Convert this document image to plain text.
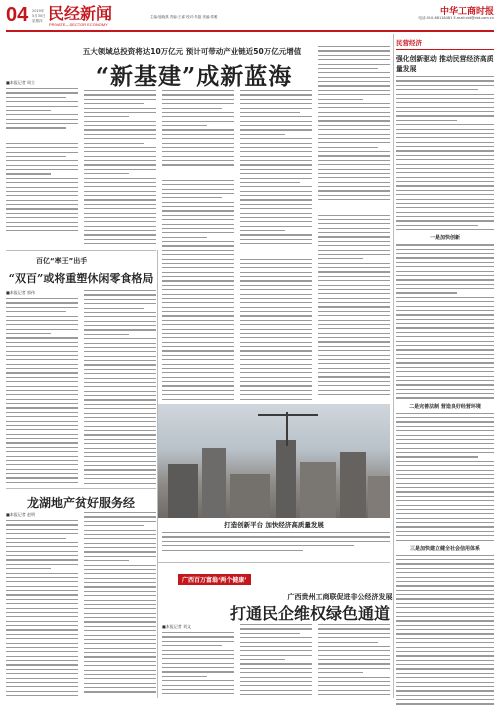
04 2019年5月30日 星期四 民经新闻
PRIVATE—SECTOR ECONOMY
主编:施晓燕 责编:王睿 校对:朱磊 美编:郑雅	中华工商时报
电话:010-68118481 E-mail:cbt@cbt.com.cn
五大领域总投资将达10万亿元 预计可带动产业链近50万亿元增值
“新基建”成新蓝海
■本报记者 周立
百亿“率王”出手
“双百”或将重塑休闲零食格局
■本报记者 郭伟
龙湖地产贫好服务经
■本报记者 赵明
打造创新平台 加快经济高质量发展
广西百万富翁‘两个健康’
广西贵州工商联促进非公经济发展
打通民企维权绿色通道
■本报记者 刘文
民营经济
强化创新驱动 推动民营经济高质量发展
一是加快创新
二是完善法制 营造良好经营环境
三是加快建立健全社会信用体系
